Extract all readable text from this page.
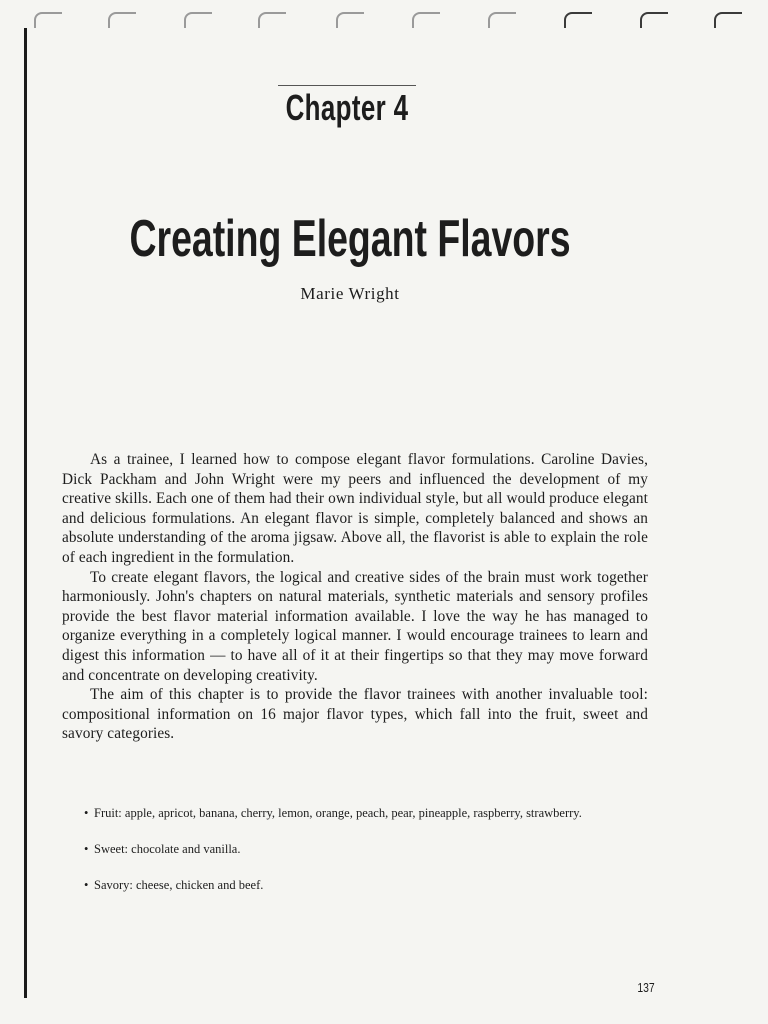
Chapter 4
Creating Elegant Flavors
Marie Wright

As a trainee, I learned how to compose elegant flavor formulations. Caroline Davies, Dick Packham and John Wright were my peers and influenced the development of my creative skills. Each one of them had their own individual style, but all would produce elegant and delicious formulations. An elegant flavor is simple, completely balanced and shows an absolute understanding of the aroma jigsaw. Above all, the flavorist is able to explain the role of each ingredient in the formulation.

To create elegant flavors, the logical and creative sides of the brain must work together harmoniously. John's chapters on natural materials, synthetic materials and sensory profiles provide the best flavor material information available. I love the way he has managed to organize everything in a completely logical manner. I would encourage trainees to learn and digest this information — to have all of it at their fingertips so that they may move forward and concentrate on developing creativity.

The aim of this chapter is to provide the flavor trainees with another invaluable tool: compositional information on 16 major flavor types, which fall into the fruit, sweet and savory categories.

• Fruit: apple, apricot, banana, cherry, lemon, orange, peach, pear, pineapple, raspberry, strawberry.
• Sweet: chocolate and vanilla.
• Savory: cheese, chicken and beef.
137
